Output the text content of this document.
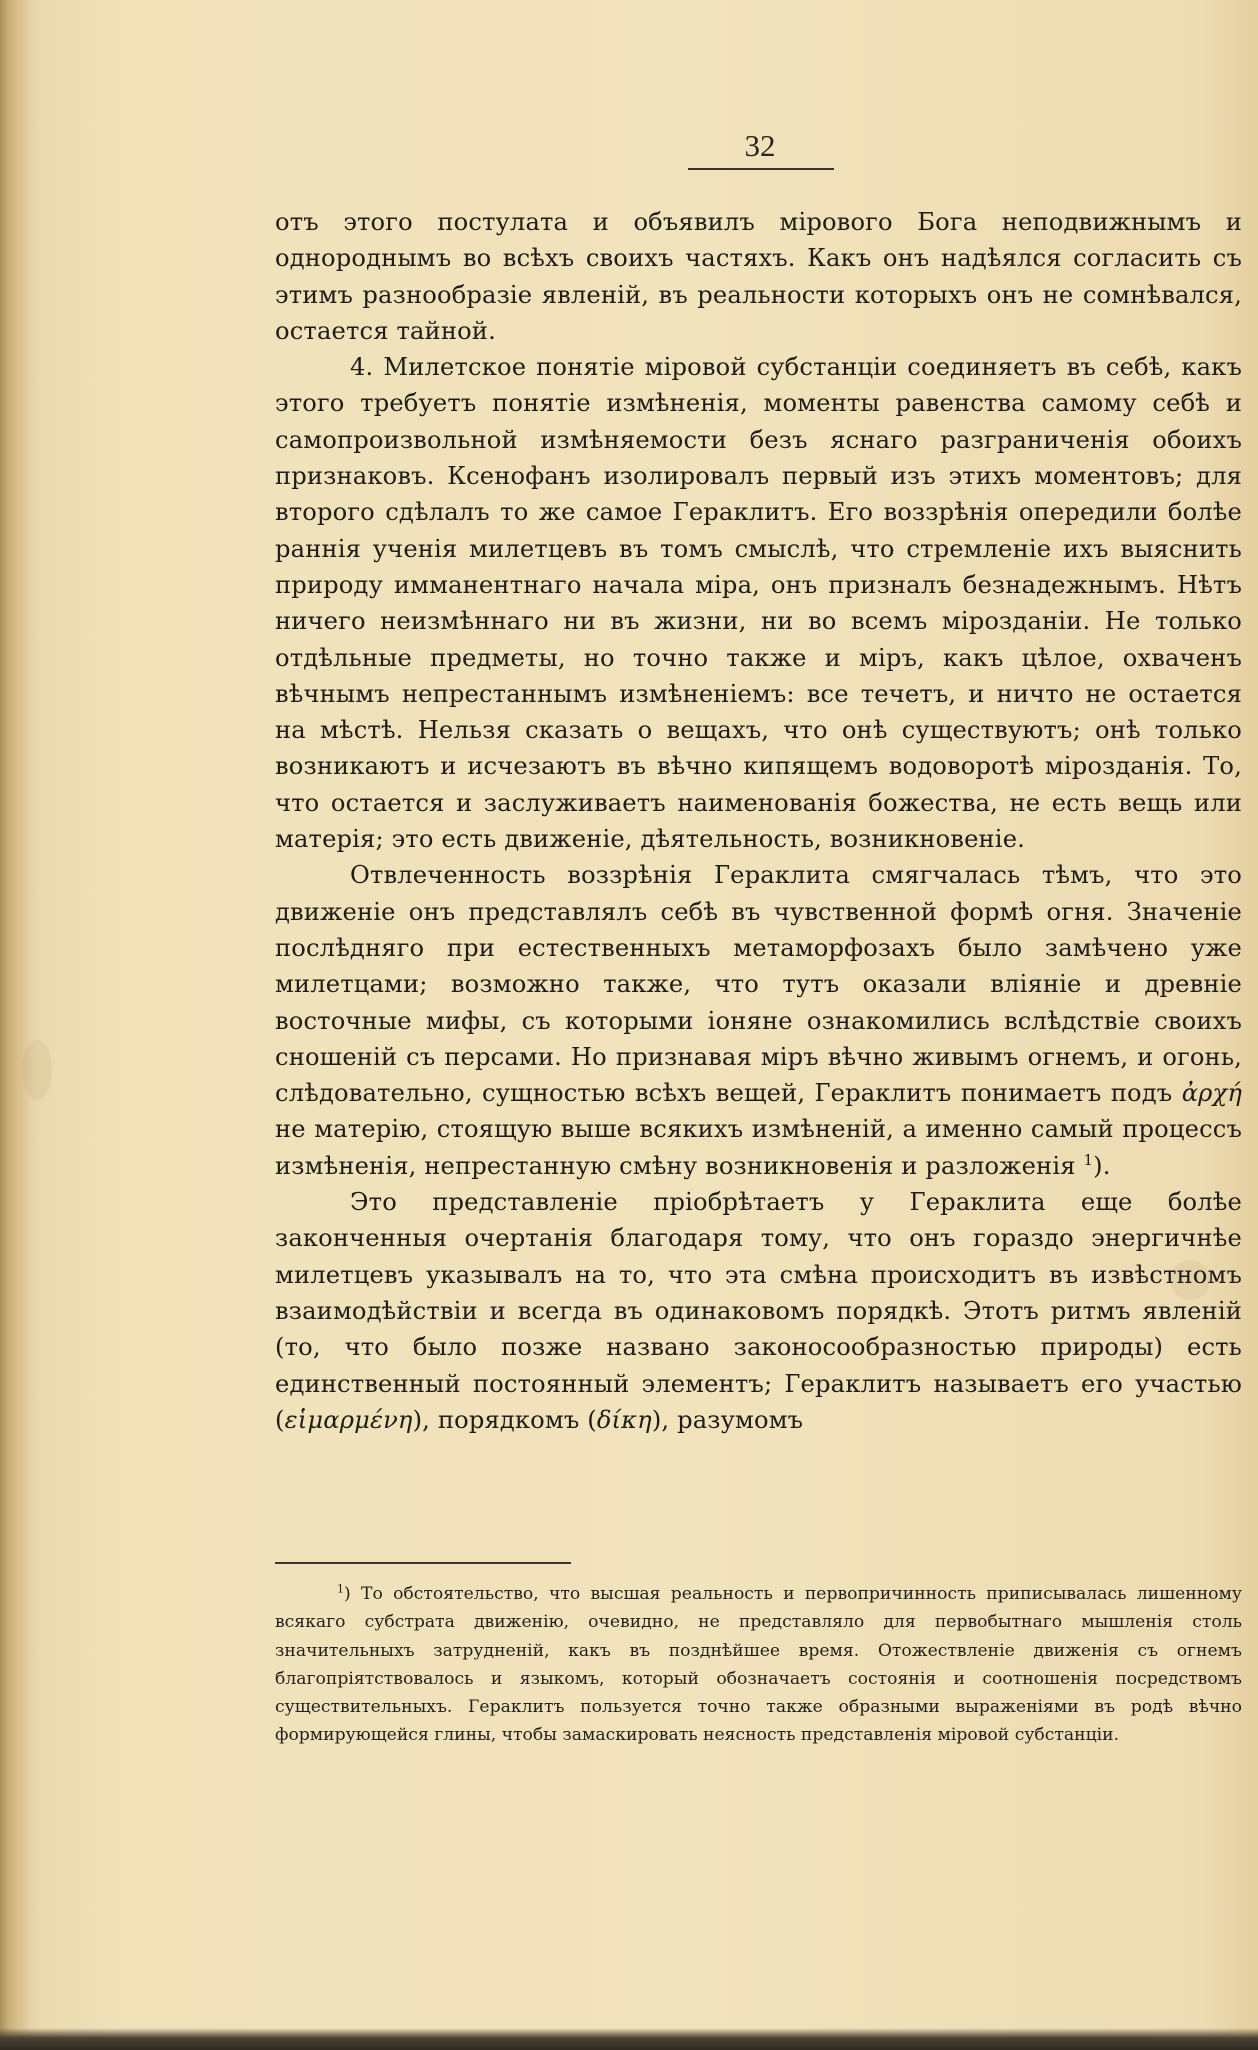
32

отъ этого постулата и объявилъ мірового Бога неподвижнымъ и однороднымъ во всѣхъ своихъ частяхъ. Какъ онъ надѣялся согласить съ этимъ разнообразіе явленій, въ реальности которыхъ онъ не сомнѣвался, остается тайной.

4. Милетское понятіе міровой субстанціи соединяетъ въ себѣ, какъ этого требуетъ понятіе измѣненія, моменты равенства самому себѣ и самопроизвольной измѣняемости безъ яснаго разграниченія обоихъ признаковъ. Ксенофанъ изолировалъ первый изъ этихъ моментовъ; для второго сдѣлалъ то же самое Гераклитъ. Его воззрѣнія опередили болѣе раннія ученія милетцевъ въ томъ смыслѣ, что стремленіе ихъ выяснить природу имманентнаго начала міра, онъ призналъ безнадежнымъ. Нѣтъ ничего неизмѣннаго ни въ жизни, ни во всемъ мірозданіи. Не только отдѣльные предметы, но точно также и міръ, какъ цѣлое, охваченъ вѣчнымъ непрестаннымъ измѣненіемъ: все течетъ, и ничто не остается на мѣстѣ. Нельзя сказать о вещахъ, что онѣ существуютъ; онѣ только возникаютъ и исчезаютъ въ вѣчно кипящемъ водоворотѣ мірозданія. То, что остается и заслуживаетъ наименованія божества, не есть вещь или матерія; это есть движеніе, дѣятельность, возникновеніе.

Отвлеченность воззрѣнія Гераклита смягчалась тѣмъ, что это движеніе онъ представлялъ себѣ въ чувственной формѣ огня. Значеніе послѣдняго при естественныхъ метаморфозахъ было замѣчено уже милетцами; возможно также, что тутъ оказали вліяніе и древніе восточные мифы, съ которыми іоняне ознакомились вслѣдствіе своихъ сношеній съ персами. Но признавая міръ вѣчно живымъ огнемъ, и огонь, слѣдовательно, сущностью всѣхъ вещей, Гераклитъ понимаетъ подъ ἀρχή не матерію, стоящую выше всякихъ измѣненій, а именно самый процессъ измѣненія, непрестанную смѣну возникновенія и разложенія $^1$).

Это представленіе пріобрѣтаетъ у Гераклита еще болѣе законченныя очертанія благодаря тому, что онъ гораздо энергичнѣе милетцевъ указывалъ на то, что эта смѣна происходитъ въ извѣстномъ взаимодѣйствіи и всегда въ одинаковомъ порядкѣ. Этотъ ритмъ явленій (то, что было позже названо законосообразностью природы) есть единственный постоянный элементъ; Гераклитъ называетъ его участью (εἱμαρμένη), порядкомъ (δίκη), разумомъ

$^1$) То обстоятельство, что высшая реальность и первопричинность приписывалась лишенному всякаго субстрата движенію, очевидно, не представляло для первобытнаго мышленія столь значительныхъ затрудненій, какъ въ позднѣйшее время. Отожествленіе движенія съ огнемъ благопріятствовалось и языкомъ, который обозначаетъ состоянія и соотношенія посредствомъ существительныхъ. Гераклитъ пользуется точно также образными выраженіями въ родѣ вѣчно формирующейся глины, чтобы замаскировать неясность представленія міровой субстанціи.
